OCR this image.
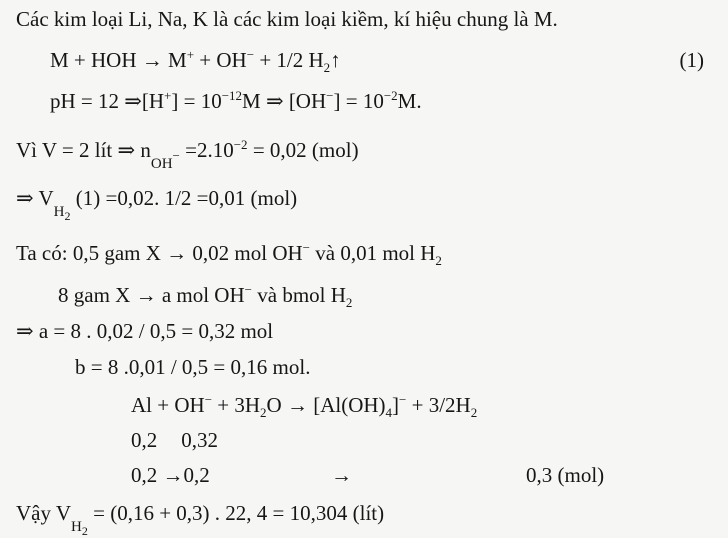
Các kim loại Li, Na, K là các kim loại kiềm, kí hiệu chung là M.
M + HOH → M+ + OH− + 1/2 $H_2↑$	(1)
pH = 12 ⇒[H+] = $10^{-12}M$ ⇒ $[OH^-] = 10^{-2}M$.
Vì V = 2 lít ⇒ $n_{OH^-} =2.10^{-2} = 0,02$ (mol)
⇒ $V_{H_2}$ (1) =0,02. 1/2 =0,01 (mol)
Ta có: 0,5 gam X → 0,02 mol OH− và 0,01 mol $H_2$
8 gam X → a mol OH− và bmol $H_2$
⇒ a = 8 . 0,02 / 0,5 = 0,32 mol
b = 8 .0,01 / 0,5 = 0,16 mol.
$Al + OH^- + 3H_2O \to [Al(OH)_4]^- + 3/2H_2$
0,2 0,32
0,2 →0,2	→	0,3 (mol)
Vậy $V_{H_2} = (0,16 + 0,3)$ . 22, 4 = 10,304 (lít)
